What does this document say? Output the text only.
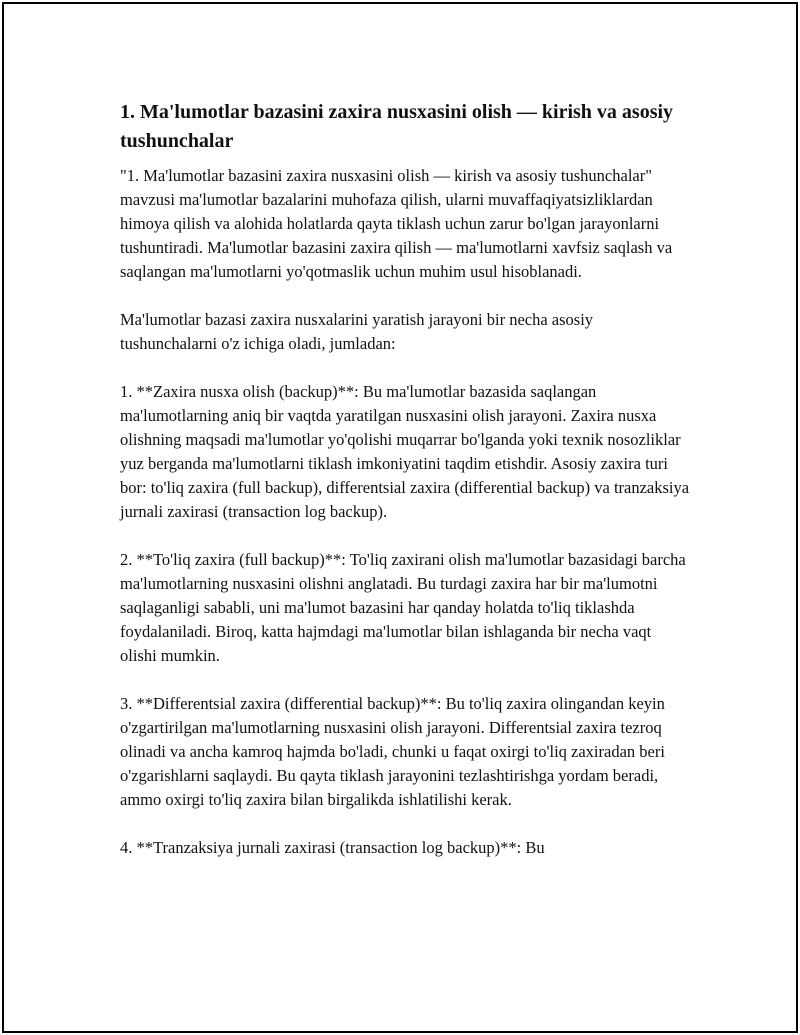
1. Ma'lumotlar bazasini zaxira nusxasini olish — kirish va asosiy tushunchalar

"1. Ma'lumotlar bazasini zaxira nusxasini olish — kirish va asosiy tushunchalar" mavzusi ma'lumotlar bazalarini muhofaza qilish, ularni muvaffaqiyatsizliklardan himoya qilish va alohida holatlarda qayta tiklash uchun zarur bo'lgan jarayonlarni tushuntiradi. Ma'lumotlar bazasini zaxira qilish — ma'lumotlarni xavfsiz saqlash va saqlangan ma'lumotlarni yo'qotmaslik uchun muhim usul hisoblanadi.

Ma'lumotlar bazasi zaxira nusxalarini yaratish jarayoni bir necha asosiy tushunchalarni o'z ichiga oladi, jumladan:

1. **Zaxira nusxa olish (backup)**: Bu ma'lumotlar bazasida saqlangan ma'lumotlarning aniq bir vaqtda yaratilgan nusxasini olish jarayoni. Zaxira nusxa olishning maqsadi ma'lumotlar yo'qolishi muqarrar bo'lganda yoki texnik nosozliklar yuz berganda ma'lumotlarni tiklash imkoniyatini taqdim etishdir. Asosiy zaxira turi bor: to'liq zaxira (full backup), differentsial zaxira (differential backup) va tranzaksiya jurnali zaxirasi (transaction log backup).

2. **To'liq zaxira (full backup)**: To'liq zaxirani olish ma'lumotlar bazasidagi barcha ma'lumotlarning nusxasini olishni anglatadi. Bu turdagi zaxira har bir ma'lumotni saqlaganligi sababli, uni ma'lumot bazasini har qanday holatda to'liq tiklashda foydalaniladi. Biroq, katta hajmdagi ma'lumotlar bilan ishlaganda bir necha vaqt olishi mumkin.

3. **Differentsial zaxira (differential backup)**: Bu to'liq zaxira olingandan keyin o'zgartirilgan ma'lumotlarning nusxasini olish jarayoni. Differentsial zaxira tezroq olinadi va ancha kamroq hajmda bo'ladi, chunki u faqat oxirgi to'liq zaxiradan beri o'zgarishlarni saqlaydi. Bu qayta tiklash jarayonini tezlashtirishga yordam beradi, ammo oxirgi to'liq zaxira bilan birgalikda ishlatilishi kerak.

4. **Tranzaksiya jurnali zaxirasi (transaction log backup)**: Bu
